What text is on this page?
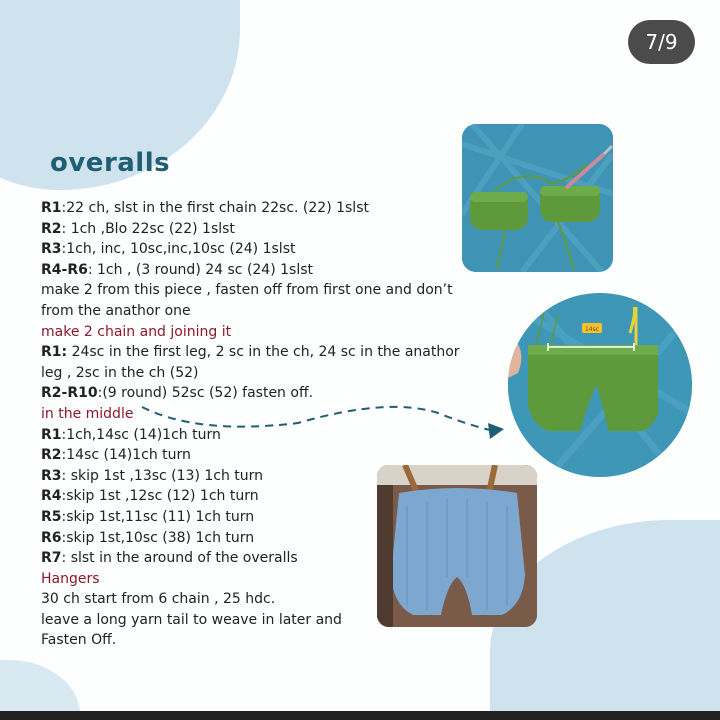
7/9
overalls
R1:22 ch, slst in the first chain 22sc. (22) 1slst
R2: 1ch ,Blo 22sc (22) 1slst
R3:1ch, inc, 10sc,inc,10sc (24) 1slst
R4-R6: 1ch , (3 round) 24 sc (24) 1slst
make 2 from this piece , fasten off from first one and don’t
from the anathor one
make 2 chain and joining it
R1: 24sc in the first leg, 2 sc in the ch, 24 sc in the anathor
leg , 2sc in the ch (52)
R2-R10:(9 round) 52sc (52) fasten off.
in the middle
R1:1ch,14sc (14)1ch turn
R2:14sc (14)1ch turn
R3: skip 1st ,13sc (13) 1ch turn
R4:skip 1st ,12sc (12) 1ch turn
R5:skip 1st,11sc (11) 1ch turn
R6:skip 1st,10sc (38) 1ch turn
R7: slst in the around of the overalls
Hangers
30 ch start from 6 chain , 25 hdc.
leave a long yarn tail to weave in later and
Fasten Off.
14sc
